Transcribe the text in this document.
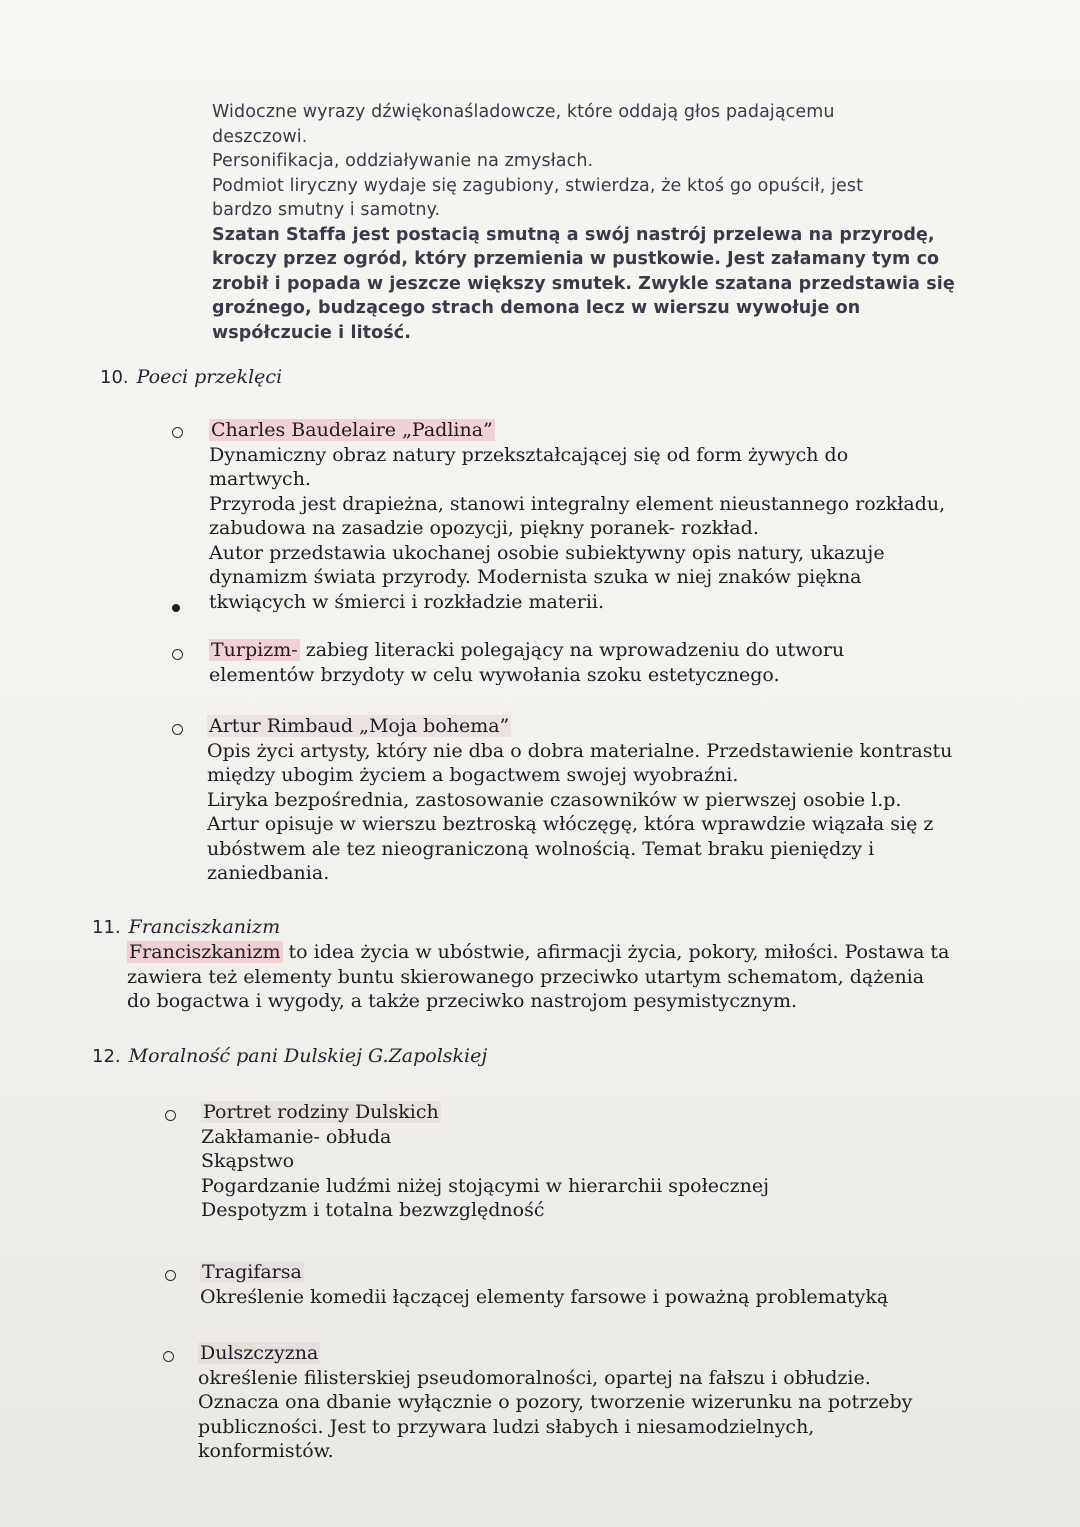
Widoczne wyrazy dźwiękonaśladowcze, które oddają głos padającemu
deszczowi.
Personifikacja, oddziaływanie na zmysłach.
Podmiot liryczny wydaje się zagubiony, stwierdza, że ktoś go opuścił, jest
bardzo smutny i samotny.
Szatan Staffa jest postacią smutną a swój nastrój przelewa na przyrodę,
kroczy przez ogród, który przemienia w pustkowie. Jest załamany tym co
zrobił i popada w jeszcze większy smutek. Zwykle szatana przedstawia się
groźnego, budzącego strach demona lecz w wierszu wywołuje on
współczucie i litość.
10. Poeci przeklęci
Charles Baudelaire „Padlina”
Dynamiczny obraz natury przekształcającej się od form żywych do
martwych.
Przyroda jest drapieżna, stanowi integralny element nieustannego rozkładu,
zabudowa na zasadzie opozycji, piękny poranek- rozkład.
Autor przedstawia ukochanej osobie subiektywny opis natury, ukazuje
dynamizm świata przyrody. Modernista szuka w niej znaków piękna
tkwiących w śmierci i rozkładzie materii.
Turpizm- zabieg literacki polegający na wprowadzeniu do utworu
elementów brzydoty w celu wywołania szoku estetycznego.
Artur Rimbaud „Moja bohema”
Opis życi artysty, który nie dba o dobra materialne. Przedstawienie kontrastu
między ubogim życiem a bogactwem swojej wyobraźni.
Liryka bezpośrednia, zastosowanie czasowników w pierwszej osobie l.p.
Artur opisuje w wierszu beztroską włóczęgę, która wprawdzie wiązała się z
ubóstwem ale tez nieograniczoną wolnością. Temat braku pieniędzy i
zaniedbania.
11. Franciszkanizm
Franciszkanizm to idea życia w ubóstwie, afirmacji życia, pokory, miłości. Postawa ta
zawiera też elementy buntu skierowanego przeciwko utartym schematom, dążenia
do bogactwa i wygody, a także przeciwko nastrojom pesymistycznym.
12. Moralność pani Dulskiej G.Zapolskiej
Portret rodziny Dulskich
Zakłamanie- obłuda
Skąpstwo
Pogardzanie ludźmi niżej stojącymi w hierarchii społecznej
Despotyzm i totalna bezwzględność
Tragifarsa
Określenie komedii łączącej elementy farsowe i poważną problematyką
Dulszczyzna
określenie filisterskiej pseudomoralności, opartej na fałszu i obłudzie.
Oznacza ona dbanie wyłącznie o pozory, tworzenie wizerunku na potrzeby
publiczności. Jest to przywara ludzi słabych i niesamodzielnych,
konformistów.
